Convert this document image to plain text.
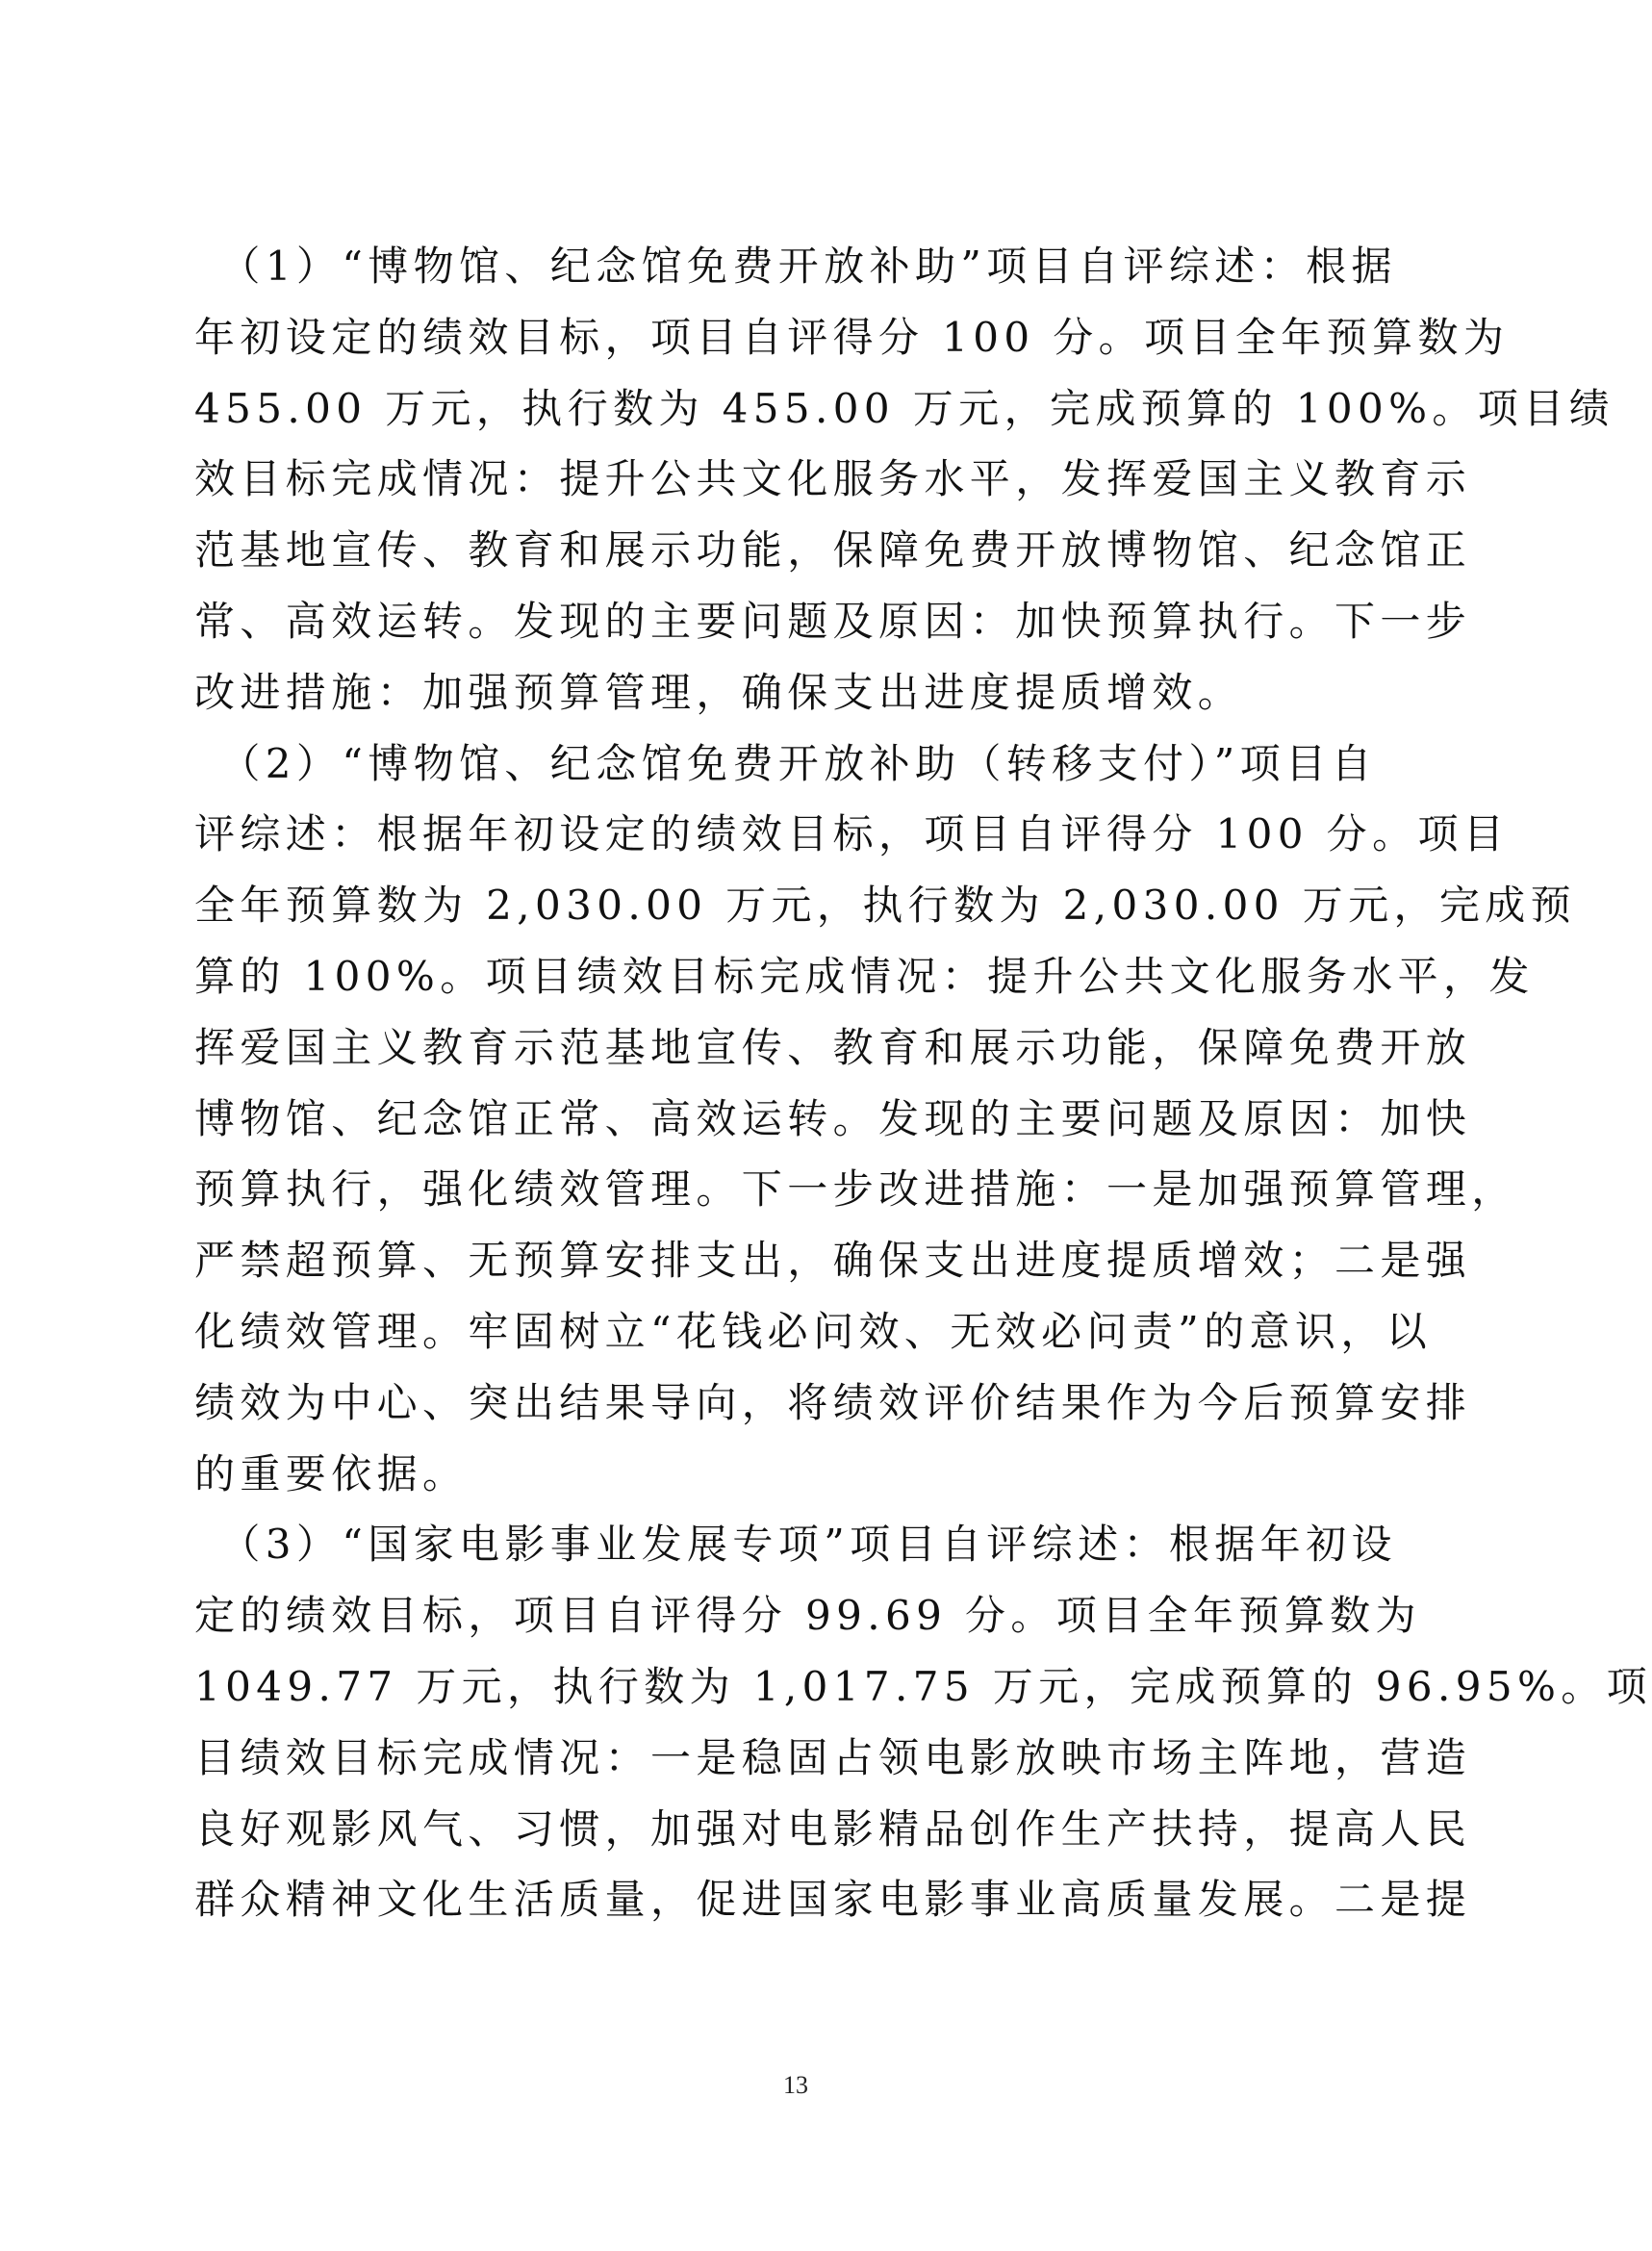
　（1）“博物馆、纪念馆免费开放补助”项目自评综述：根据
年初设定的绩效目标，项目自评得分 100 分。项目全年预算数为
455.00 万元，执行数为 455.00 万元，完成预算的 100%。项目绩
效目标完成情况：提升公共文化服务水平，发挥爱国主义教育示
范基地宣传、教育和展示功能，保障免费开放博物馆、纪念馆正
常、高效运转。发现的主要问题及原因：加快预算执行。下一步
改进措施：加强预算管理，确保支出进度提质增效。
　（2）“博物馆、纪念馆免费开放补助（转移支付）”项目自
评综述：根据年初设定的绩效目标，项目自评得分 100 分。项目
全年预算数为 2,030.00 万元，执行数为 2,030.00 万元，完成预
算的 100%。项目绩效目标完成情况：提升公共文化服务水平，发
挥爱国主义教育示范基地宣传、教育和展示功能，保障免费开放
博物馆、纪念馆正常、高效运转。发现的主要问题及原因：加快
预算执行，强化绩效管理。下一步改进措施：一是加强预算管理，
严禁超预算、无预算安排支出，确保支出进度提质增效；二是强
化绩效管理。牢固树立“花钱必问效、无效必问责”的意识，以
绩效为中心、突出结果导向，将绩效评价结果作为今后预算安排
的重要依据。
　（3）“国家电影事业发展专项”项目自评综述：根据年初设
定的绩效目标，项目自评得分 99.69 分。项目全年预算数为
1049.77 万元，执行数为 1,017.75 万元，完成预算的 96.95%。项
目绩效目标完成情况：一是稳固占领电影放映市场主阵地，营造
良好观影风气、习惯，加强对电影精品创作生产扶持，提高人民
群众精神文化生活质量，促进国家电影事业高质量发展。二是提
13
